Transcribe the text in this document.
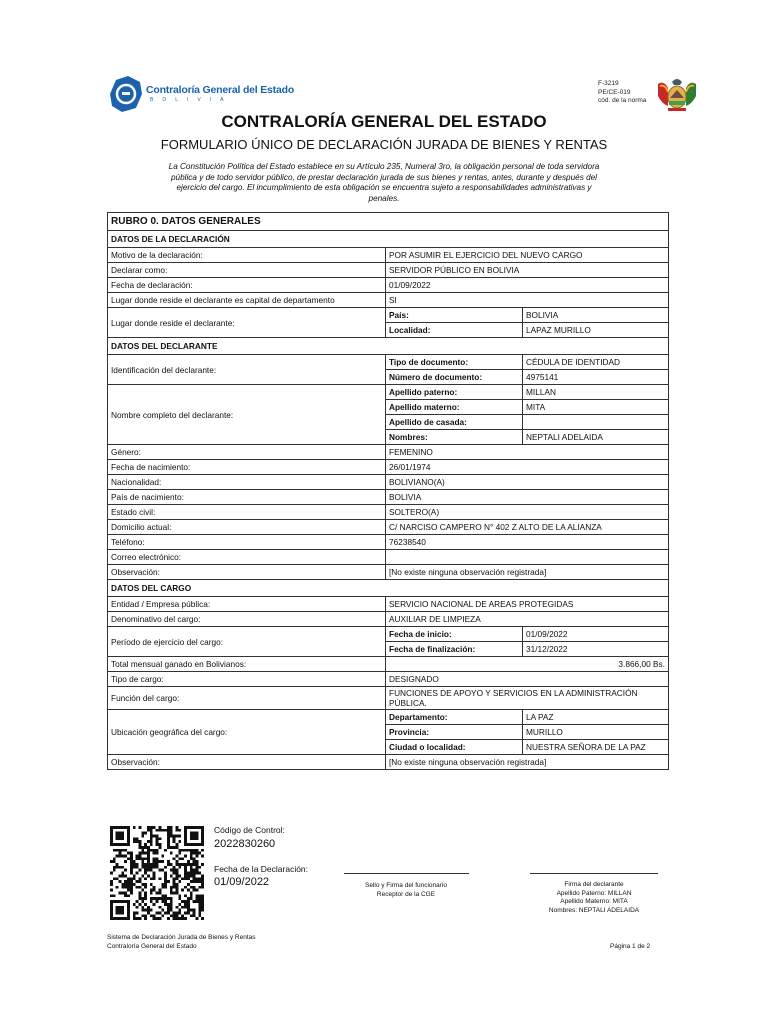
Contraloría General del Estado
BOLIVIA
F-3219
PE/CE-019
cód. de la norma
CONTRALORÍA GENERAL DEL ESTADO
FORMULARIO ÚNICO DE DECLARACIÓN JURADA DE BIENES Y RENTAS
La Constitución Política del Estado establece en su Artículo 235, Numeral 3ro, la obligación personal de toda servidora pública y de todo servidor público, de prestar declaración jurada de sus bienes y rentas, antes, durante y después del ejercicio del cargo. El incumplimiento de esta obligación se encuentra sujeto a responsabilidades administrativas y penales.
RUBRO 0. DATOS GENERALES		
DATOS DE LA DECLARACIÓN		
Motivo de la declaración:	POR ASUMIR EL EJERCICIO DEL NUEVO CARGO	
Declarar como:	SERVIDOR PÚBLICO EN BOLIVIA	
Fecha de declaración:	01/09/2022	
Lugar donde reside el declarante es capital de departamento	SI	
Lugar donde reside el declarante:	País:	BOLIVIA
	Localidad:	LAPAZ MURILLO
DATOS DEL DECLARANTE		
Identificación del declarante:	Tipo de documento:	CÉDULA DE IDENTIDAD
	Número de documento:	4975141
Nombre completo del declarante:	Apellido paterno:	MILLAN
	Apellido materno:	MITA
	Apellido de casada:	
	Nombres:	NEPTALI ADELAIDA
Género:	FEMENINO	
Fecha de nacimiento:	26/01/1974	
Nacionalidad:	BOLIVIANO(A)	
País de nacimiento:	BOLIVIA	
Estado civil:	SOLTERO(A)	
Domicilio actual:	C/ NARCISO CAMPERO N° 402 Z ALTO DE LA ALIANZA	
Teléfono:	76238540	
Correo electrónico:		
Observación:	[No existe ninguna observación registrada]	
DATOS DEL CARGO		
Entidad / Empresa pública:	SERVICIO NACIONAL DE AREAS PROTEGIDAS	
Denominativo del cargo:	AUXILIAR DE LIMPIEZA	
Período de ejercicio del cargo:	Fecha de inicio:	01/09/2022
	Fecha de finalización:	31/12/2022
Total mensual ganado en Bolivianos:	3.866,00 Bs.	
Tipo de cargo:	DESIGNADO	
Función del cargo:	FUNCIONES DE APOYO Y SERVICIOS EN LA ADMINISTRACIÓN PÚBLICA.	
Ubicación geográfica del cargo:	Departamento:	LA PAZ
	Provincia:	MURILLO
	Ciudad o localidad:	NUESTRA SEÑORA DE LA PAZ
Observación:	[No existe ninguna observación registrada]	
Código de Control:
2022830260
Fecha de la Declaración:
01/09/2022	Sello y Firma del funcionario
Receptor de la CGE
Firma del declarante
Apellido Paterno: MILLAN
Apellido Materno: MITA
Nombres: NEPTALI ADELAIDA
Sistema de Declaración Jurada de Bienes y Rentas
Contraloría General del Estado	Página 1 de 2
